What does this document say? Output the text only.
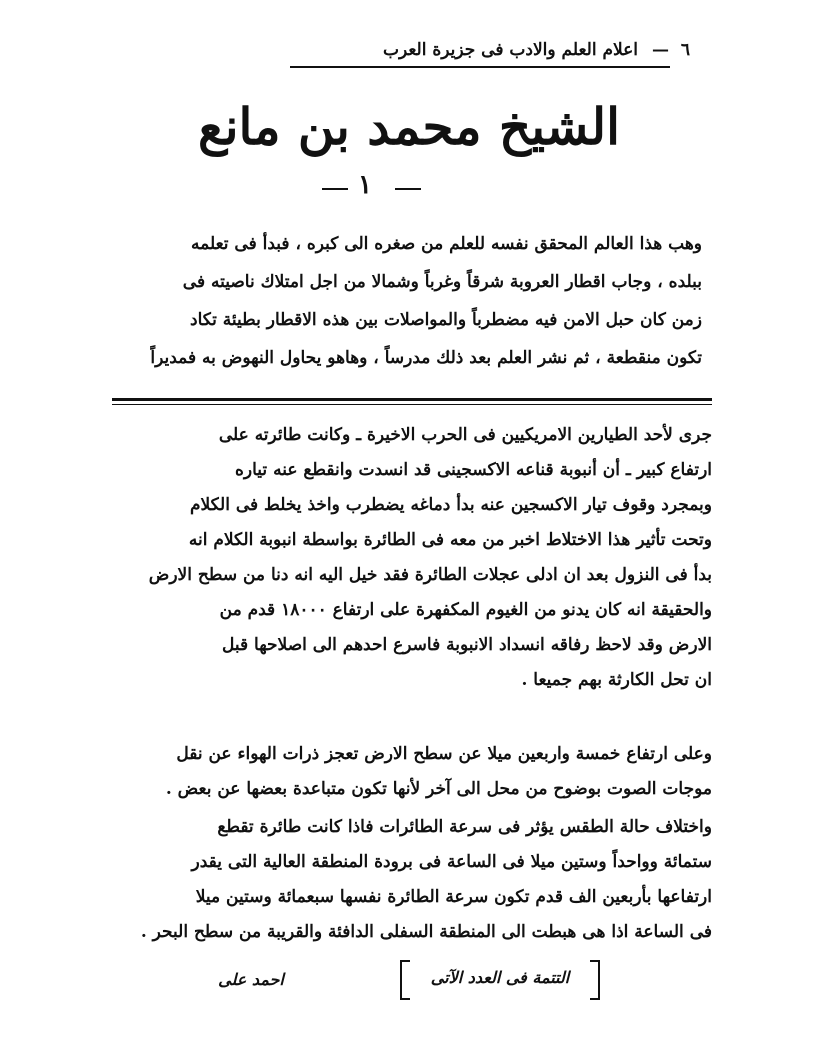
٦ — اعلام العلم والادب فى جزيرة العرب
الشيخ محمد بن مانع
١
وهب هذا العالم المحقق نفسه للعلم من صغره الى كبره ، فبدأ فى تعلمه
ببلده ، وجاب اقطار العروبة شرقاً وغرباً وشمالا من اجل امتلاك ناصيته فى
زمن كان حبل الامن فيه مضطرباً والمواصلات بين هذه الاقطار بطيئة تكاد
تكون منقطعة ، ثم نشر العلم بعد ذلك مدرساً ، وهاهو يحاول النهوض به فمديراً
جرى لأحد الطيارين الامريكيين فى الحرب الاخيرة ـ وكانت طائرته على
ارتفاع كبير ـ أن أنبوبة قناعه الاكسجينى قد انسدت وانقطع عنه تياره
وبمجرد وقوف تيار الاكسجين عنه بدأ دماغه يضطرب واخذ يخلط فى الكلام
وتحت تأثير هذا الاختلاط اخبر من معه فى الطائرة بواسطة انبوبة الكلام انه
بدأ فى النزول بعد ان ادلى عجلات الطائرة فقد خيل اليه انه دنا من سطح الارض
والحقيقة انه كان يدنو من الغيوم المكفهرة على ارتفاع ١٨٠٠٠ قدم من
الارض وقد لاحظ رفاقه انسداد الانبوبة فاسرع احدهم الى اصلاحها قبل
ان تحل الكارثة بهم جميعا .
وعلى ارتفاع خمسة واربعين ميلا عن سطح الارض تعجز ذرات الهواء عن نقل
موجات الصوت بوضوح من محل الى آخر لأنها تكون متباعدة بعضها عن بعض .
واختلاف حالة الطقس يؤثر فى سرعة الطائرات فاذا كانت طائرة تقطع
ستمائة وواحداً وستين ميلا فى الساعة فى برودة المنطقة العالية التى يقدر
ارتفاعها بأربعين الف قدم تكون سرعة الطائرة نفسها سبعمائة وستين ميلا
فى الساعة اذا هى هبطت الى المنطقة السفلى الدافئة والقريبة من سطح البحر .
التتمة فى العدد الآتى
احمد على
